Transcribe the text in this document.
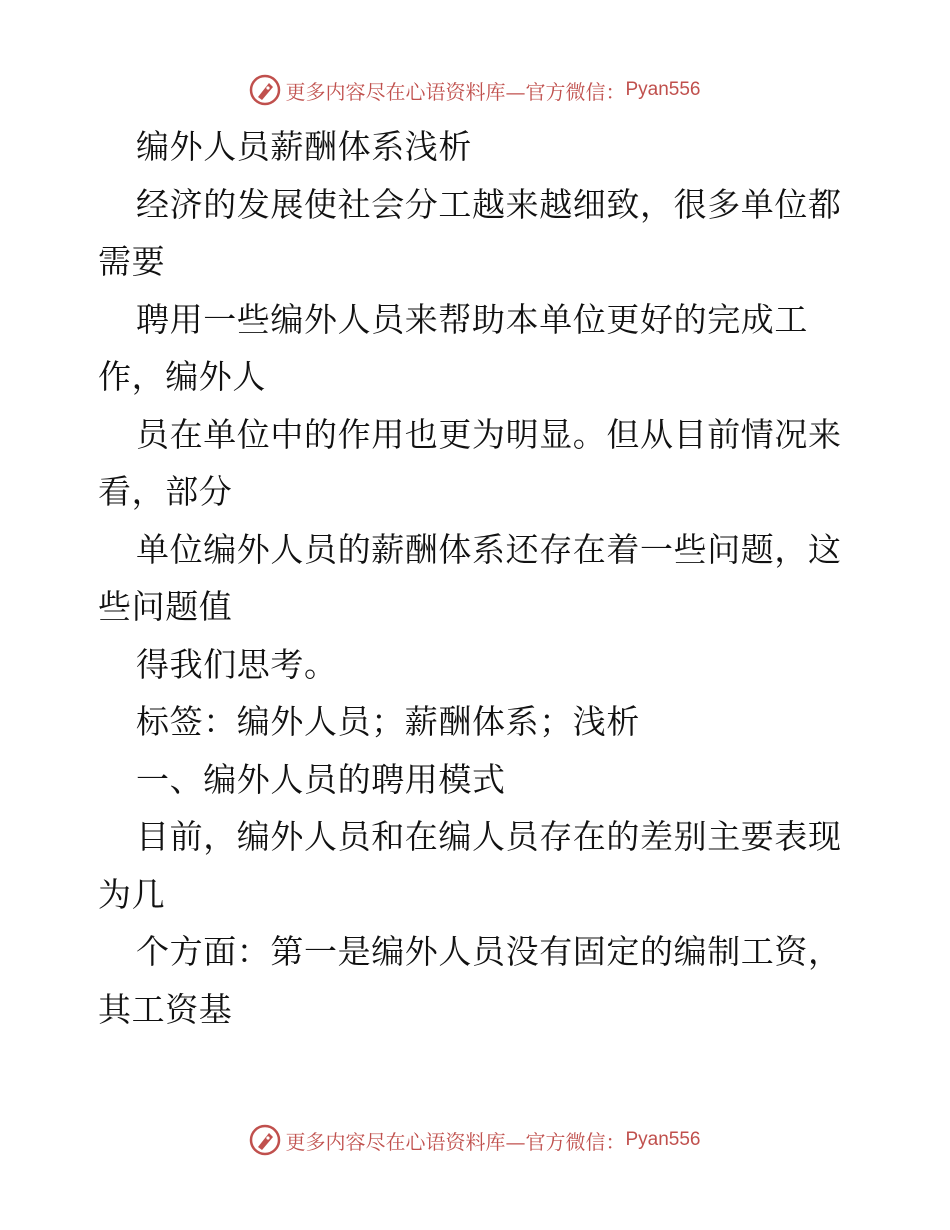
更多内容尽在心语资料库—官方微信： Pyan556
编外人员薪酬体系浅析
经济的发展使社会分工越来越细致，很多单位都
需要
聘用一些编外人员来帮助本单位更好的完成工
作，编外人
员在单位中的作用也更为明显。但从目前情况来
看，部分
单位编外人员的薪酬体系还存在着一些问题，这
些问题值
得我们思考。
标签：编外人员；薪酬体系；浅析
一、编外人员的聘用模式
目前，编外人员和在编人员存在的差别主要表现
为几
个方面：第一是编外人员没有固定的编制工资，
其工资基
更多内容尽在心语资料库—官方微信： Pyan556
